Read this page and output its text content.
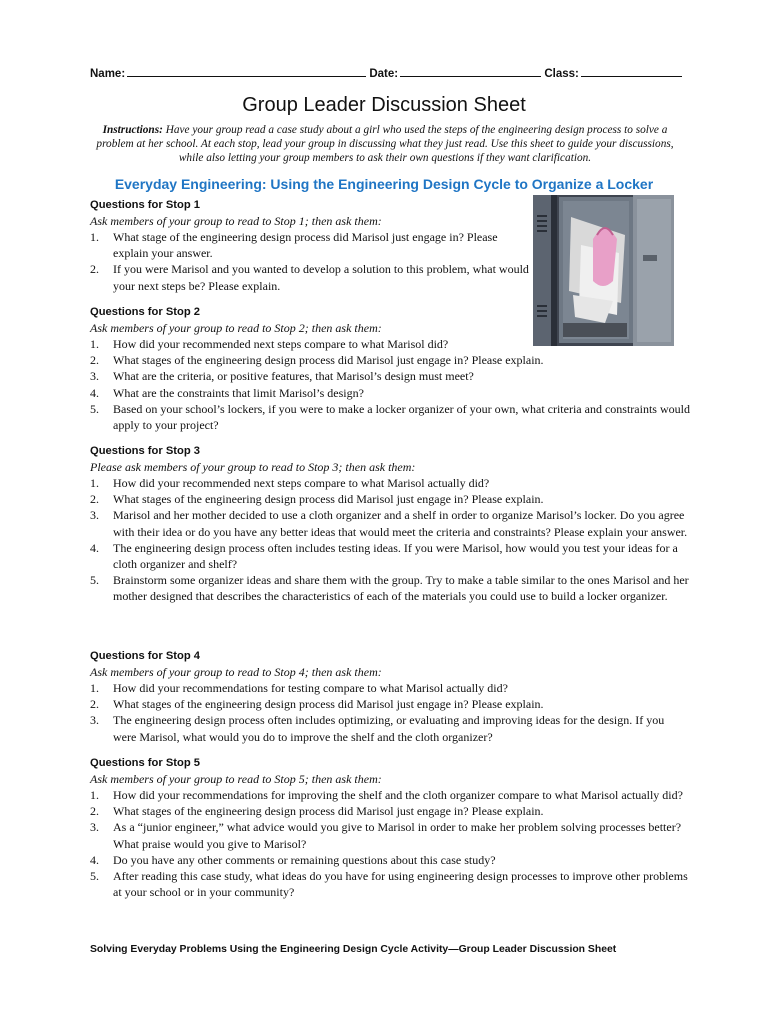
Name:	Date:	Class:
Group Leader Discussion Sheet
Instructions: Have your group read a case study about a girl who used the steps of the engineering design process to solve a problem at her school. At each stop, lead your group in discussing what they just read. Use this sheet to guide your discussions, while also letting your group members to ask their own questions if they want clarification.
Everyday Engineering: Using the Engineering Design Cycle to Organize a Locker
Questions for Stop 1
Ask members of your group to read to Stop 1; then ask them:
1. What stage of the engineering design process did Marisol just engage in? Please explain your answer.
2. If you were Marisol and you wanted to develop a solution to this problem, what would your next steps be? Please explain.
Questions for Stop 2
Ask members of your group to read to Stop 2; then ask them:
1. How did your recommended next steps compare to what Marisol did?
2. What stages of the engineering design process did Marisol just engage in? Please explain.
3. What are the criteria, or positive features, that Marisol’s design must meet?
4. What are the constraints that limit Marisol’s design?
5. Based on your school’s lockers, if you were to make a locker organizer of your own, what criteria and constraints would apply to your project?
Questions for Stop 3
Please ask members of your group to read to Stop 3; then ask them:
1. How did your recommended next steps compare to what Marisol actually did?
2. What stages of the engineering design process did Marisol just engage in? Please explain.
3. Marisol and her mother decided to use a cloth organizer and a shelf in order to organize Marisol’s locker. Do you agree with their idea or do you have any better ideas that would meet the criteria and constraints? Please explain your answer.
4. The engineering design process often includes testing ideas. If you were Marisol, how would you test your ideas for a cloth organizer and shelf?
5. Brainstorm some organizer ideas and share them with the group. Try to make a table similar to the ones Marisol and her mother designed that describes the characteristics of each of the materials you could use to build a locker organizer.
Questions for Stop 4
Ask members of your group to read to Stop 4; then ask them:
1. How did your recommendations for testing compare to what Marisol actually did?
2. What stages of the engineering design process did Marisol just engage in? Please explain.
3. The engineering design process often includes optimizing, or evaluating and improving ideas for the design. If you were Marisol, what would you do to improve the shelf and the cloth organizer?
Questions for Stop 5
Ask members of your group to read to Stop 5; then ask them:
1. How did your recommendations for improving the shelf and the cloth organizer compare to what Marisol actually did?
2. What stages of the engineering design process did Marisol just engage in? Please explain.
3. As a “junior engineer,” what advice would you give to Marisol in order to make her problem solving processes better? What praise would you give to Marisol?
4. Do you have any other comments or remaining questions about this case study?
5. After reading this case study, what ideas do you have for using engineering design processes to improve other problems at your school or in your community?
Solving Everyday Problems Using the Engineering Design Cycle Activity—Group Leader Discussion Sheet
